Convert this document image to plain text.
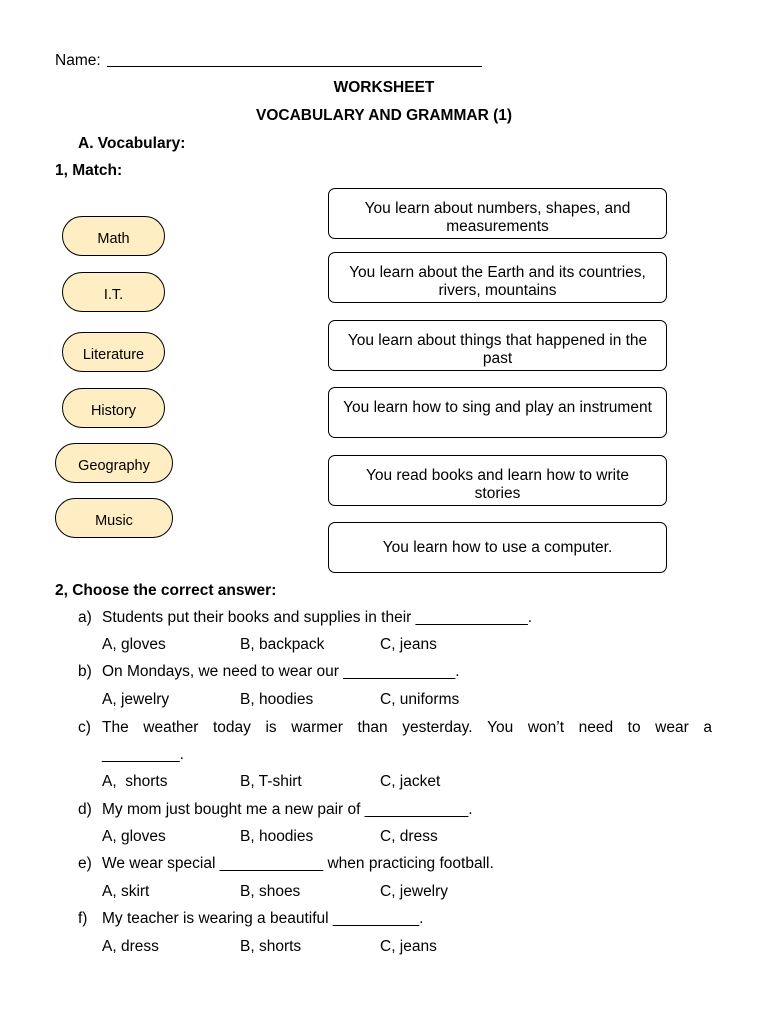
Name:
WORKSHEET
VOCABULARY AND GRAMMAR (1)
A. Vocabulary:
1, Match:
Math
I.T.
Literature
History
Geography
Music
You learn about numbers, shapes, and measurements
You learn about the Earth and its countries, rivers, mountains
You learn about things that happened in the past
You learn how to sing and play an instrument
You read books and learn how to write stories
You learn how to use a computer.
2, Choose the correct answer:
a) Students put their books and supplies in their _____________.
A, gloves	B, backpack	C, jeans
b) On Mondays, we need to wear our _____________.
A, jewelry	B, hoodies	C, uniforms
c) The weather today is warmer than yesterday. You won’t need to wear a
_________.
A,  shorts	B, T-shirt	C, jacket
d) My mom just bought me a new pair of ____________.
A, gloves	B, hoodies	C, dress
e) We wear special ____________ when practicing football.
A, skirt	B, shoes	C, jewelry
f) My teacher is wearing a beautiful __________.
A, dress	B, shorts	C, jeans
